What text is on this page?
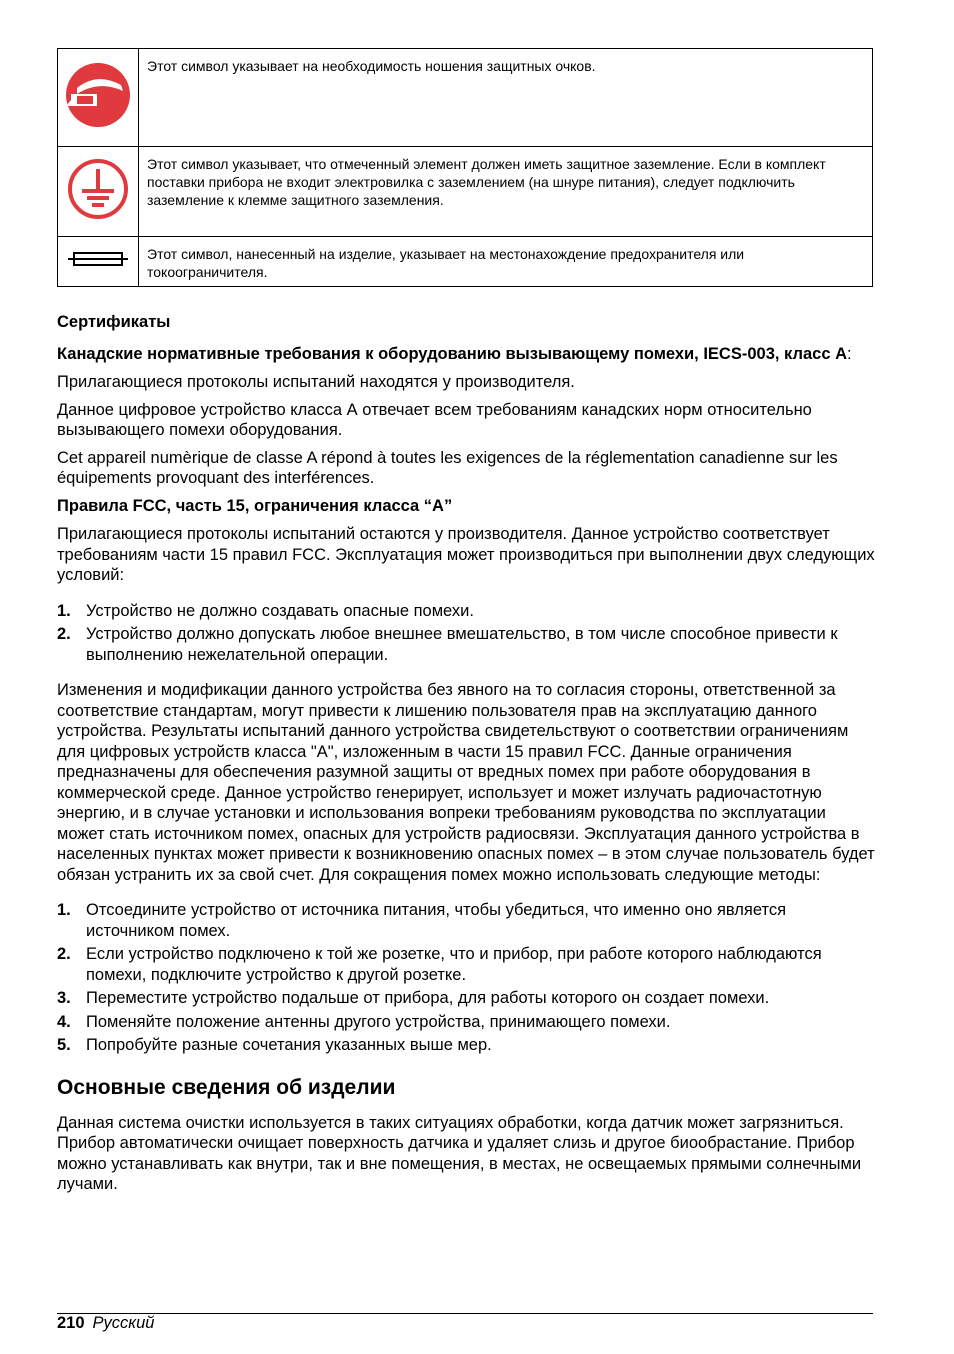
	Этот символ указывает на необходимость ношения защитных очков.
	Этот символ указывает, что отмеченный элемент должен иметь защитное заземление. Если в комплект поставки прибора не входит электровилка с заземлением (на шнуре питания), следует подключить заземление к клемме защитного заземления.
	Этот символ, нанесенный на изделие, указывает на местонахождение предохранителя или токоограничителя.
Сертификаты
Канадские нормативные требования к оборудованию вызывающему помехи, IECS-003, класс А:

Прилагающиеся протоколы испытаний находятся у производителя.

Данное цифровое устройство класса А отвечает всем требованиям канадских норм относительно вызывающего помехи оборудования.

Cet appareil numèrique de classe A répond à toutes les exigences de la réglementation canadienne sur les équipements provoquant des interférences.

Правила FCC, часть 15, ограничения класса “A”

Прилагающиеся протоколы испытаний остаются у производителя. Данное устройство соответствует требованиям части 15 правил FCC. Эксплуатация может производиться при выполнении двух следующих условий:

1. Устройство не должно создавать опасные помехи.
2. Устройство должно допускать любое внешнее вмешательство, в том числе способное привести к выполнению нежелательной операции.

Изменения и модификации данного устройства без явного на то согласия стороны, ответственной за соответствие стандартам, могут привести к лишению пользователя прав на эксплуатацию данного устройства. Результаты испытаний данного устройства свидетельствуют о соответствии ограничениям для цифровых устройств класса "А", изложенным в части 15 правил FCC. Данные ограничения предназначены для обеспечения разумной защиты от вредных помех при работе оборудования в коммерческой среде. Данное устройство генерирует, использует и может излучать радиочастотную энергию, и в случае установки и использования вопреки требованиям руководства по эксплуатации может стать источником помех, опасных для устройств радиосвязи. Эксплуатация данного устройства в населенных пунктах может привести к возникновению опасных помех – в этом случае пользователь будет обязан устранить их за свой счет. Для сокращения помех можно использовать следующие методы:

1. Отсоедините устройство от источника питания, чтобы убедиться, что именно оно является источником помех.
2. Если устройство подключено к той же розетке, что и прибор, при работе которого наблюдаются помехи, подключите устройство к другой розетке.
3. Переместите устройство подальше от прибора, для работы которого он создает помехи.
4. Поменяйте положение антенны другого устройства, принимающего помехи.
5. Попробуйте разные сочетания указанных выше мер.
Основные сведения об изделии

Данная система очистки используется в таких ситуациях обработки, когда датчик может загрязниться. Прибор автоматически очищает поверхность датчика и удаляет слизь и другое биообрастание. Прибор можно устанавливать как внутри, так и вне помещения, в местах, не освещаемых прямыми солнечными лучами.

210 Русский
